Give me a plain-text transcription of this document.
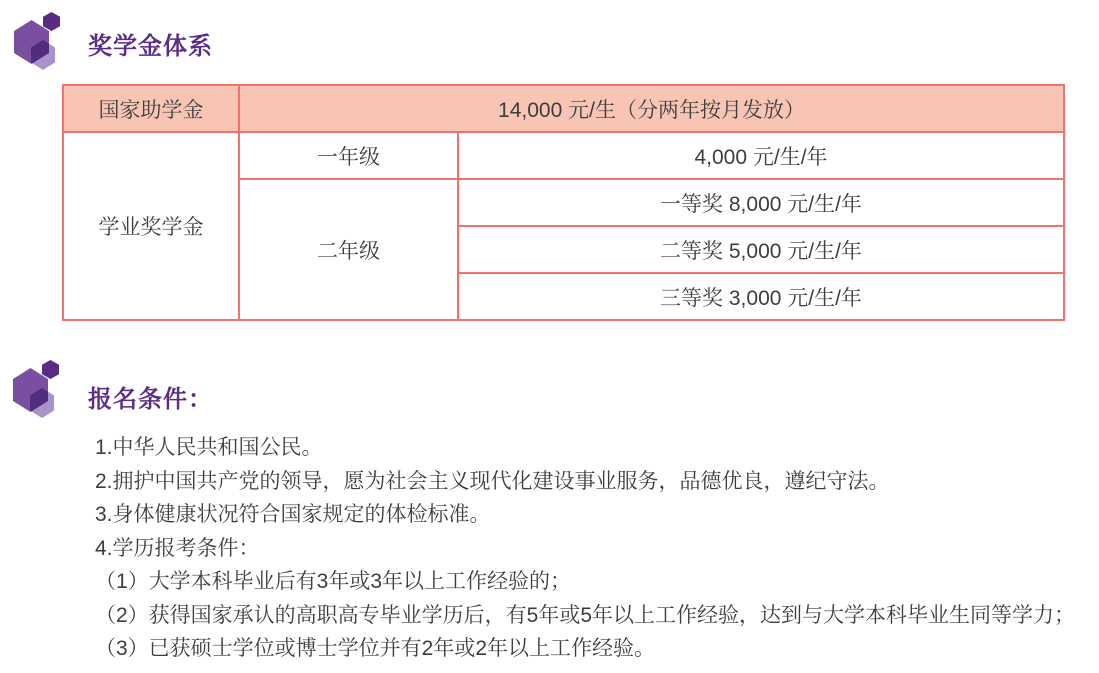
奖学金体系
国家助学金	14,000 元/生（分两年按月发放）	
学业奖学金	一年级	4,000 元/生/年
	二年级	一等奖 8,000 元/生/年
		二等奖 5,000 元/生/年
		三等奖 3,000 元/生/年
报名条件：
1.中华人民共和国公民。
2.拥护中国共产党的领导，愿为社会主义现代化建设事业服务，品德优良，遵纪守法。
3.身体健康状况符合国家规定的体检标准。
4.学历报考条件：
（1）大学本科毕业后有3年或3年以上工作经验的；
（2）获得国家承认的高职高专毕业学历后，有5年或5年以上工作经验，达到与大学本科毕业生同等学力；
（3）已获硕士学位或博士学位并有2年或2年以上工作经验。
